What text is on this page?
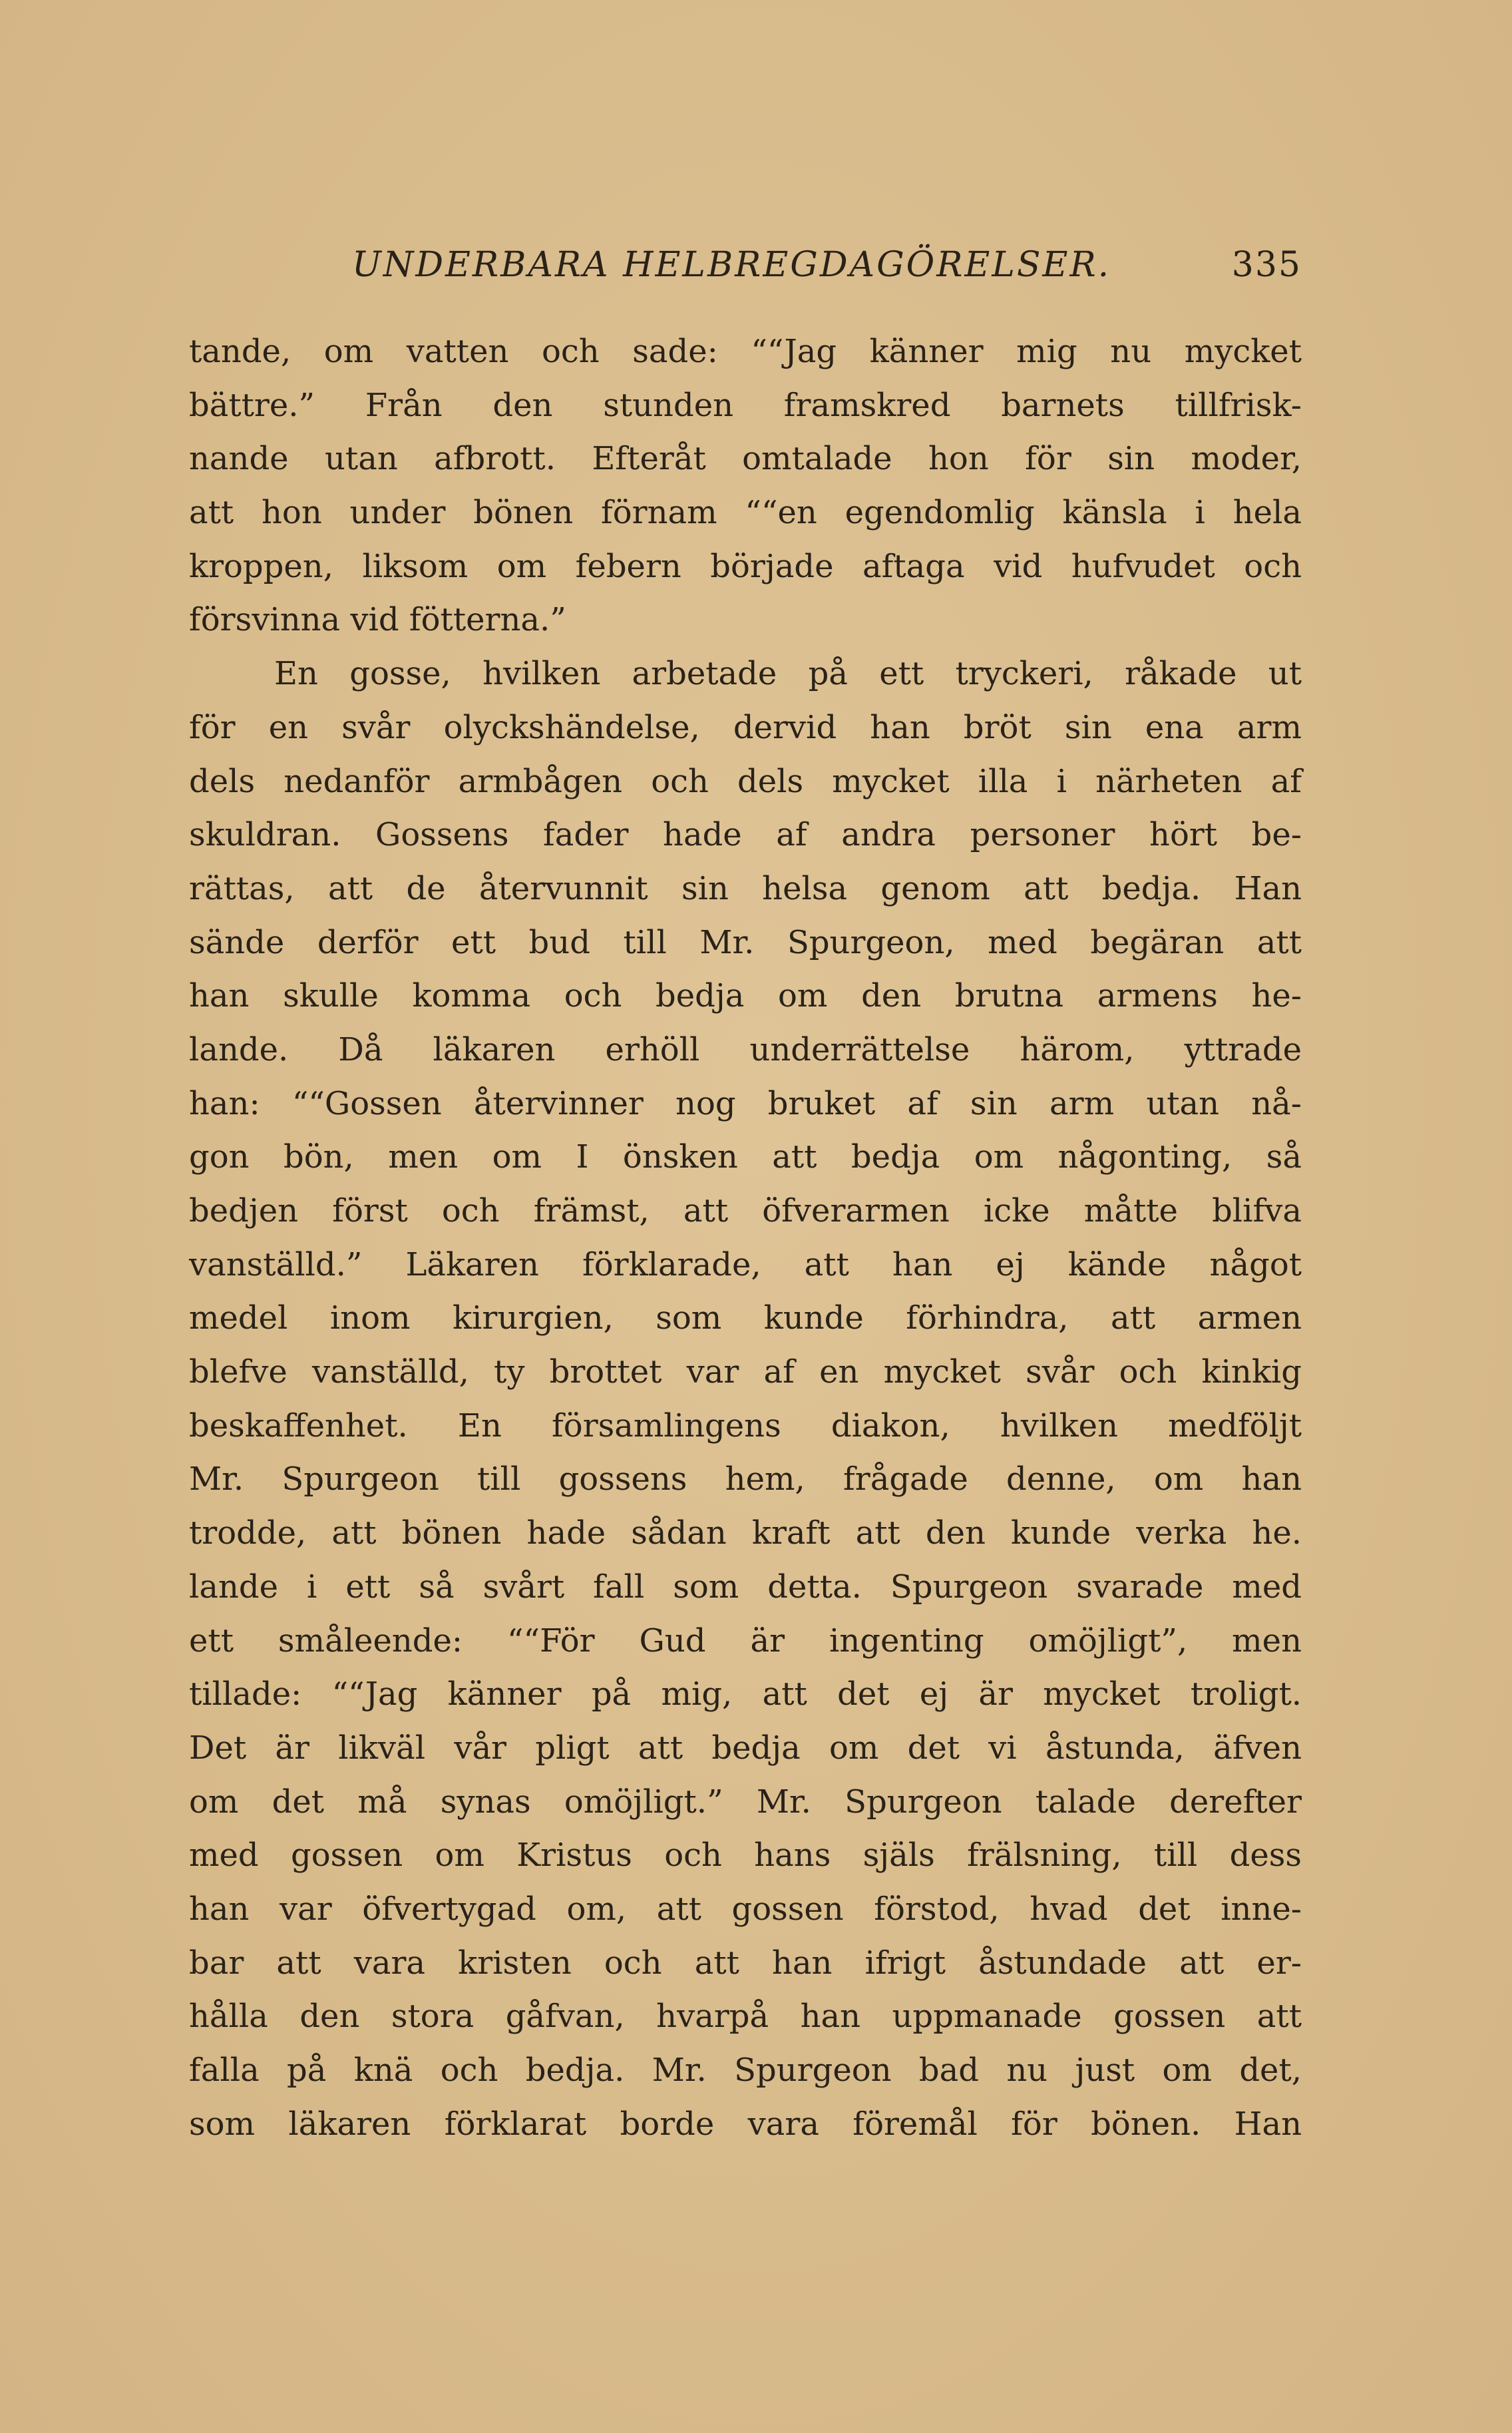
UNDERBARA HELBREGDAGÖRELSER.	335
tande, om vatten och sade: ““Jag känner mig nu mycket
bättre.” Från den stunden framskred barnets tillfrisk-
nande utan afbrott. Efteråt omtalade hon för sin moder,
att hon under bönen förnam ““en egendomlig känsla i hela
kroppen, liksom om febern började aftaga vid hufvudet och
försvinna vid fötterna.”
En gosse, hvilken arbetade på ett tryckeri, råkade ut
för en svår olyckshändelse, dervid han bröt sin ena arm
dels nedanför armbågen och dels mycket illa i närheten af
skuldran. Gossens fader hade af andra personer hört be-
rättas, att de återvunnit sin helsa genom att bedja. Han
sände derför ett bud till Mr. Spurgeon, med begäran att
han skulle komma och bedja om den brutna armens he-
lande. Då läkaren erhöll underrättelse härom, yttrade
han: ““Gossen återvinner nog bruket af sin arm utan nå-
gon bön, men om I önsken att bedja om någonting, så
bedjen först och främst, att öfverarmen icke måtte blifva
vanställd.” Läkaren förklarade, att han ej kände något
medel inom kirurgien, som kunde förhindra, att armen
blefve vanställd, ty brottet var af en mycket svår och kinkig
beskaffenhet. En församlingens diakon, hvilken medföljt
Mr. Spurgeon till gossens hem, frågade denne, om han
trodde, att bönen hade sådan kraft att den kunde verka he.
lande i ett så svårt fall som detta. Spurgeon svarade med
ett småleende: ““För Gud är ingenting omöjligt”, men
tillade: ““Jag känner på mig, att det ej är mycket troligt.
Det är likväl vår pligt att bedja om det vi åstunda, äfven
om det må synas omöjligt.” Mr. Spurgeon talade derefter
med gossen om Kristus och hans själs frälsning, till dess
han var öfvertygad om, att gossen förstod, hvad det inne-
bar att vara kristen och att han ifrigt åstundade att er-
hålla den stora gåfvan, hvarpå han uppmanade gossen att
falla på knä och bedja. Mr. Spurgeon bad nu just om det,
som läkaren förklarat borde vara föremål för bönen. Han
